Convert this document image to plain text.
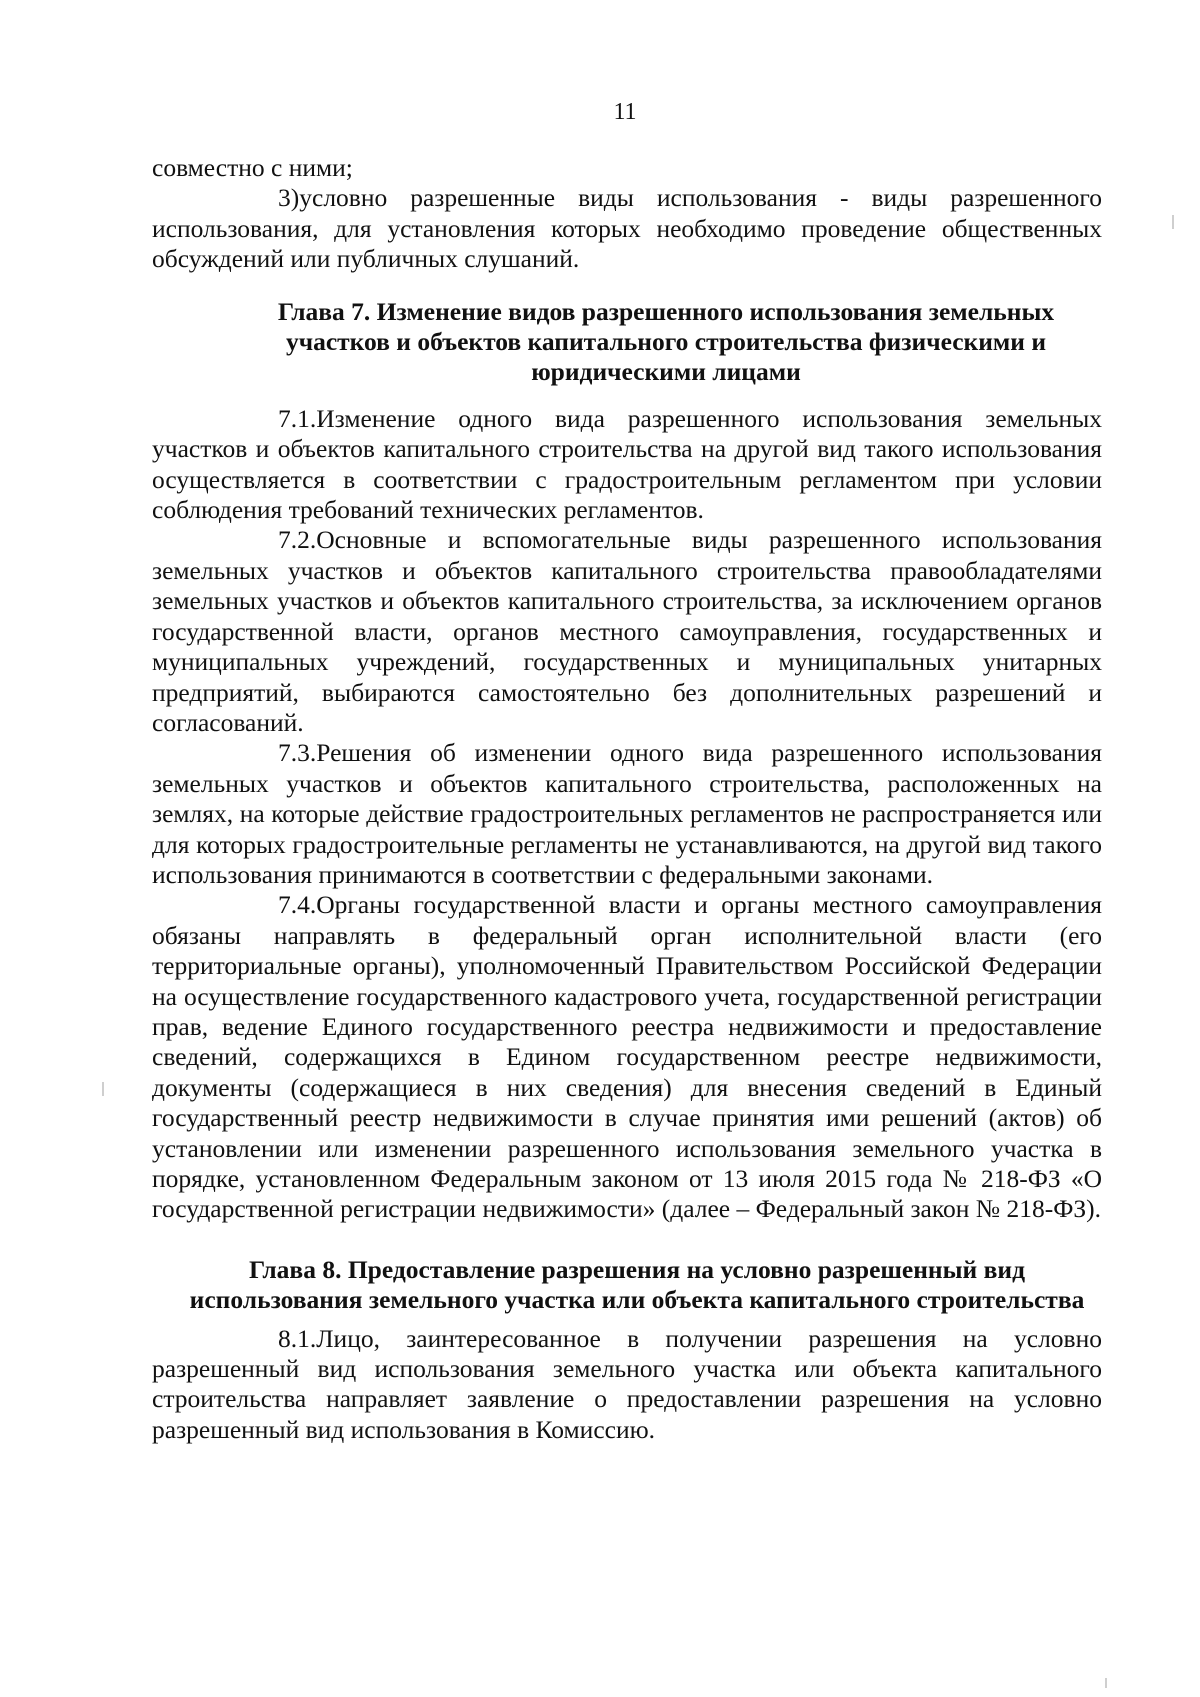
11

совместно с ними;

3)условно разрешенные виды использования - виды разрешенного использования, для установления которых необходимо проведение общественных обсуждений или публичных слушаний.

Глава 7. Изменение видов разрешенного использования земельных участков и объектов капитального строительства физическими и юридическими лицами

7.1.Изменение одного вида разрешенного использования земельных участков и объектов капитального строительства на другой вид такого использования осуществляется в соответствии с градостроительным регламентом при условии соблюдения требований технических регламентов.

7.2.Основные и вспомогательные виды разрешенного использования земельных участков и объектов капитального строительства правообладателями земельных участков и объектов капитального строительства, за исключением органов государственной власти, органов местного самоуправления, государственных и муниципальных учреждений, государственных и муниципальных унитарных предприятий, выбираются самостоятельно без дополнительных разрешений и согласований.

7.3.Решения об изменении одного вида разрешенного использования земельных участков и объектов капитального строительства, расположенных на землях, на которые действие градостроительных регламентов не распространяется или для которых градостроительные регламенты не устанавливаются, на другой вид такого использования принимаются в соответствии с федеральными законами.

7.4.Органы государственной власти и органы местного самоуправления обязаны направлять в федеральный орган исполнительной власти (его территориальные органы), уполномоченный Правительством Российской Федерации на осуществление государственного кадастрового учета, государственной регистрации прав, ведение Единого государственного реестра недвижимости и предоставление сведений, содержащихся в Едином государственном реестре недвижимости, документы (содержащиеся в них сведения) для внесения сведений в Единый государственный реестр недвижимости в случае принятия ими решений (актов) об установлении или изменении разрешенного использования земельного участка в порядке, установленном Федеральным законом от 13 июля 2015 года № 218-ФЗ «О государственной регистрации недвижимости» (далее – Федеральный закон № 218-ФЗ).

Глава 8. Предоставление разрешения на условно разрешенный вид использования земельного участка или объекта капитального строительства

8.1.Лицо, заинтересованное в получении разрешения на условно разрешенный вид использования земельного участка или объекта капитального строительства направляет заявление о предоставлении разрешения на условно разрешенный вид использования в Комиссию.
